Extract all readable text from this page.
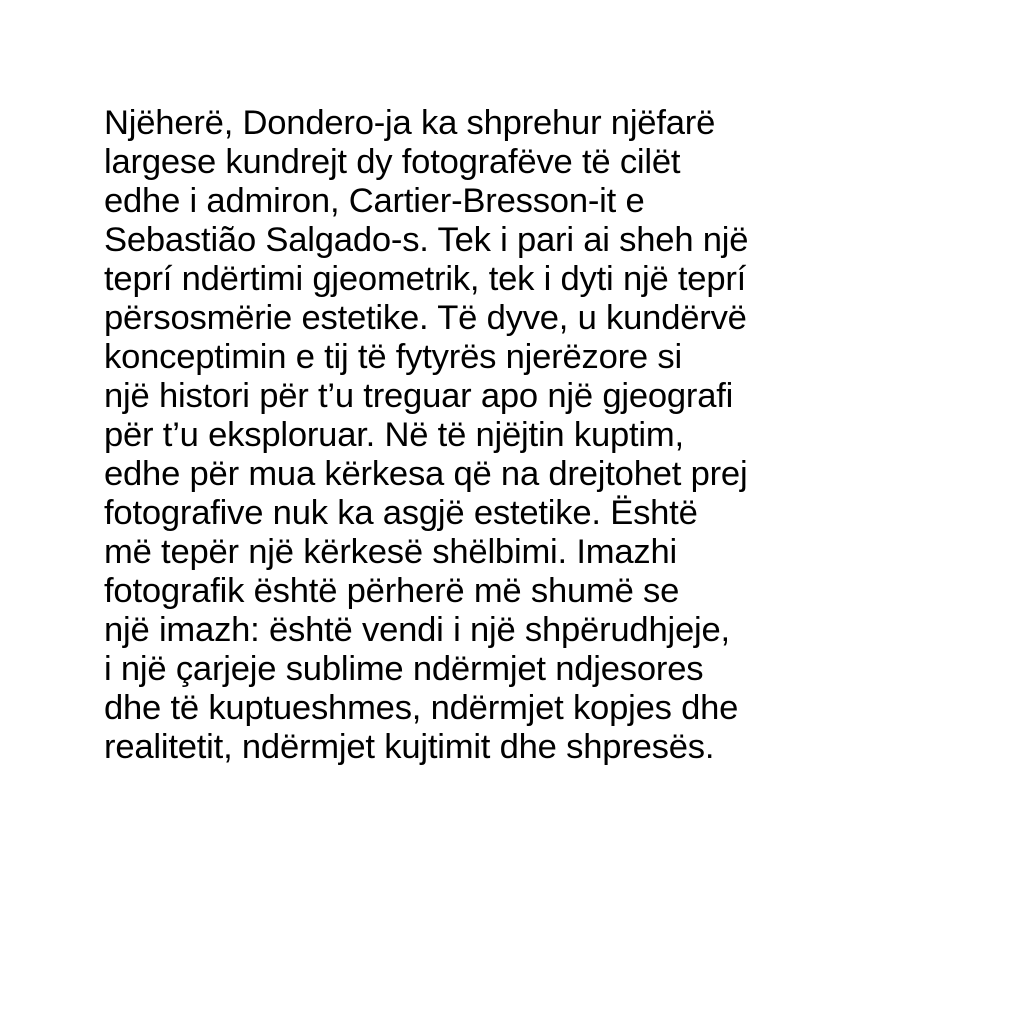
Njëherë, Dondero-ja ka shprehur njëfarë
largese kundrejt dy fotografëve të cilët
edhe i admiron, Cartier-Bresson-it e
Sebastião Salgado-s. Tek i pari ai sheh një
teprí ndërtimi gjeometrik, tek i dyti një teprí
përsosmërie estetike. Të dyve, u kundërvë
konceptimin e tij të fytyrës njerëzore si
një histori për t’u treguar apo një gjeografi
për t’u eksploruar. Në të njëjtin kuptim,
edhe për mua kërkesa që na drejtohet prej
fotografive nuk ka asgjë estetike. Është
më tepër një kërkesë shëlbimi. Imazhi
fotografik është përherë më shumë se
një imazh: është vendi i një shpërudhjeje,
i një çarjeje sublime ndërmjet ndjesores
dhe të kuptueshmes, ndërmjet kopjes dhe
realitetit, ndërmjet kujtimit dhe shpresës.
